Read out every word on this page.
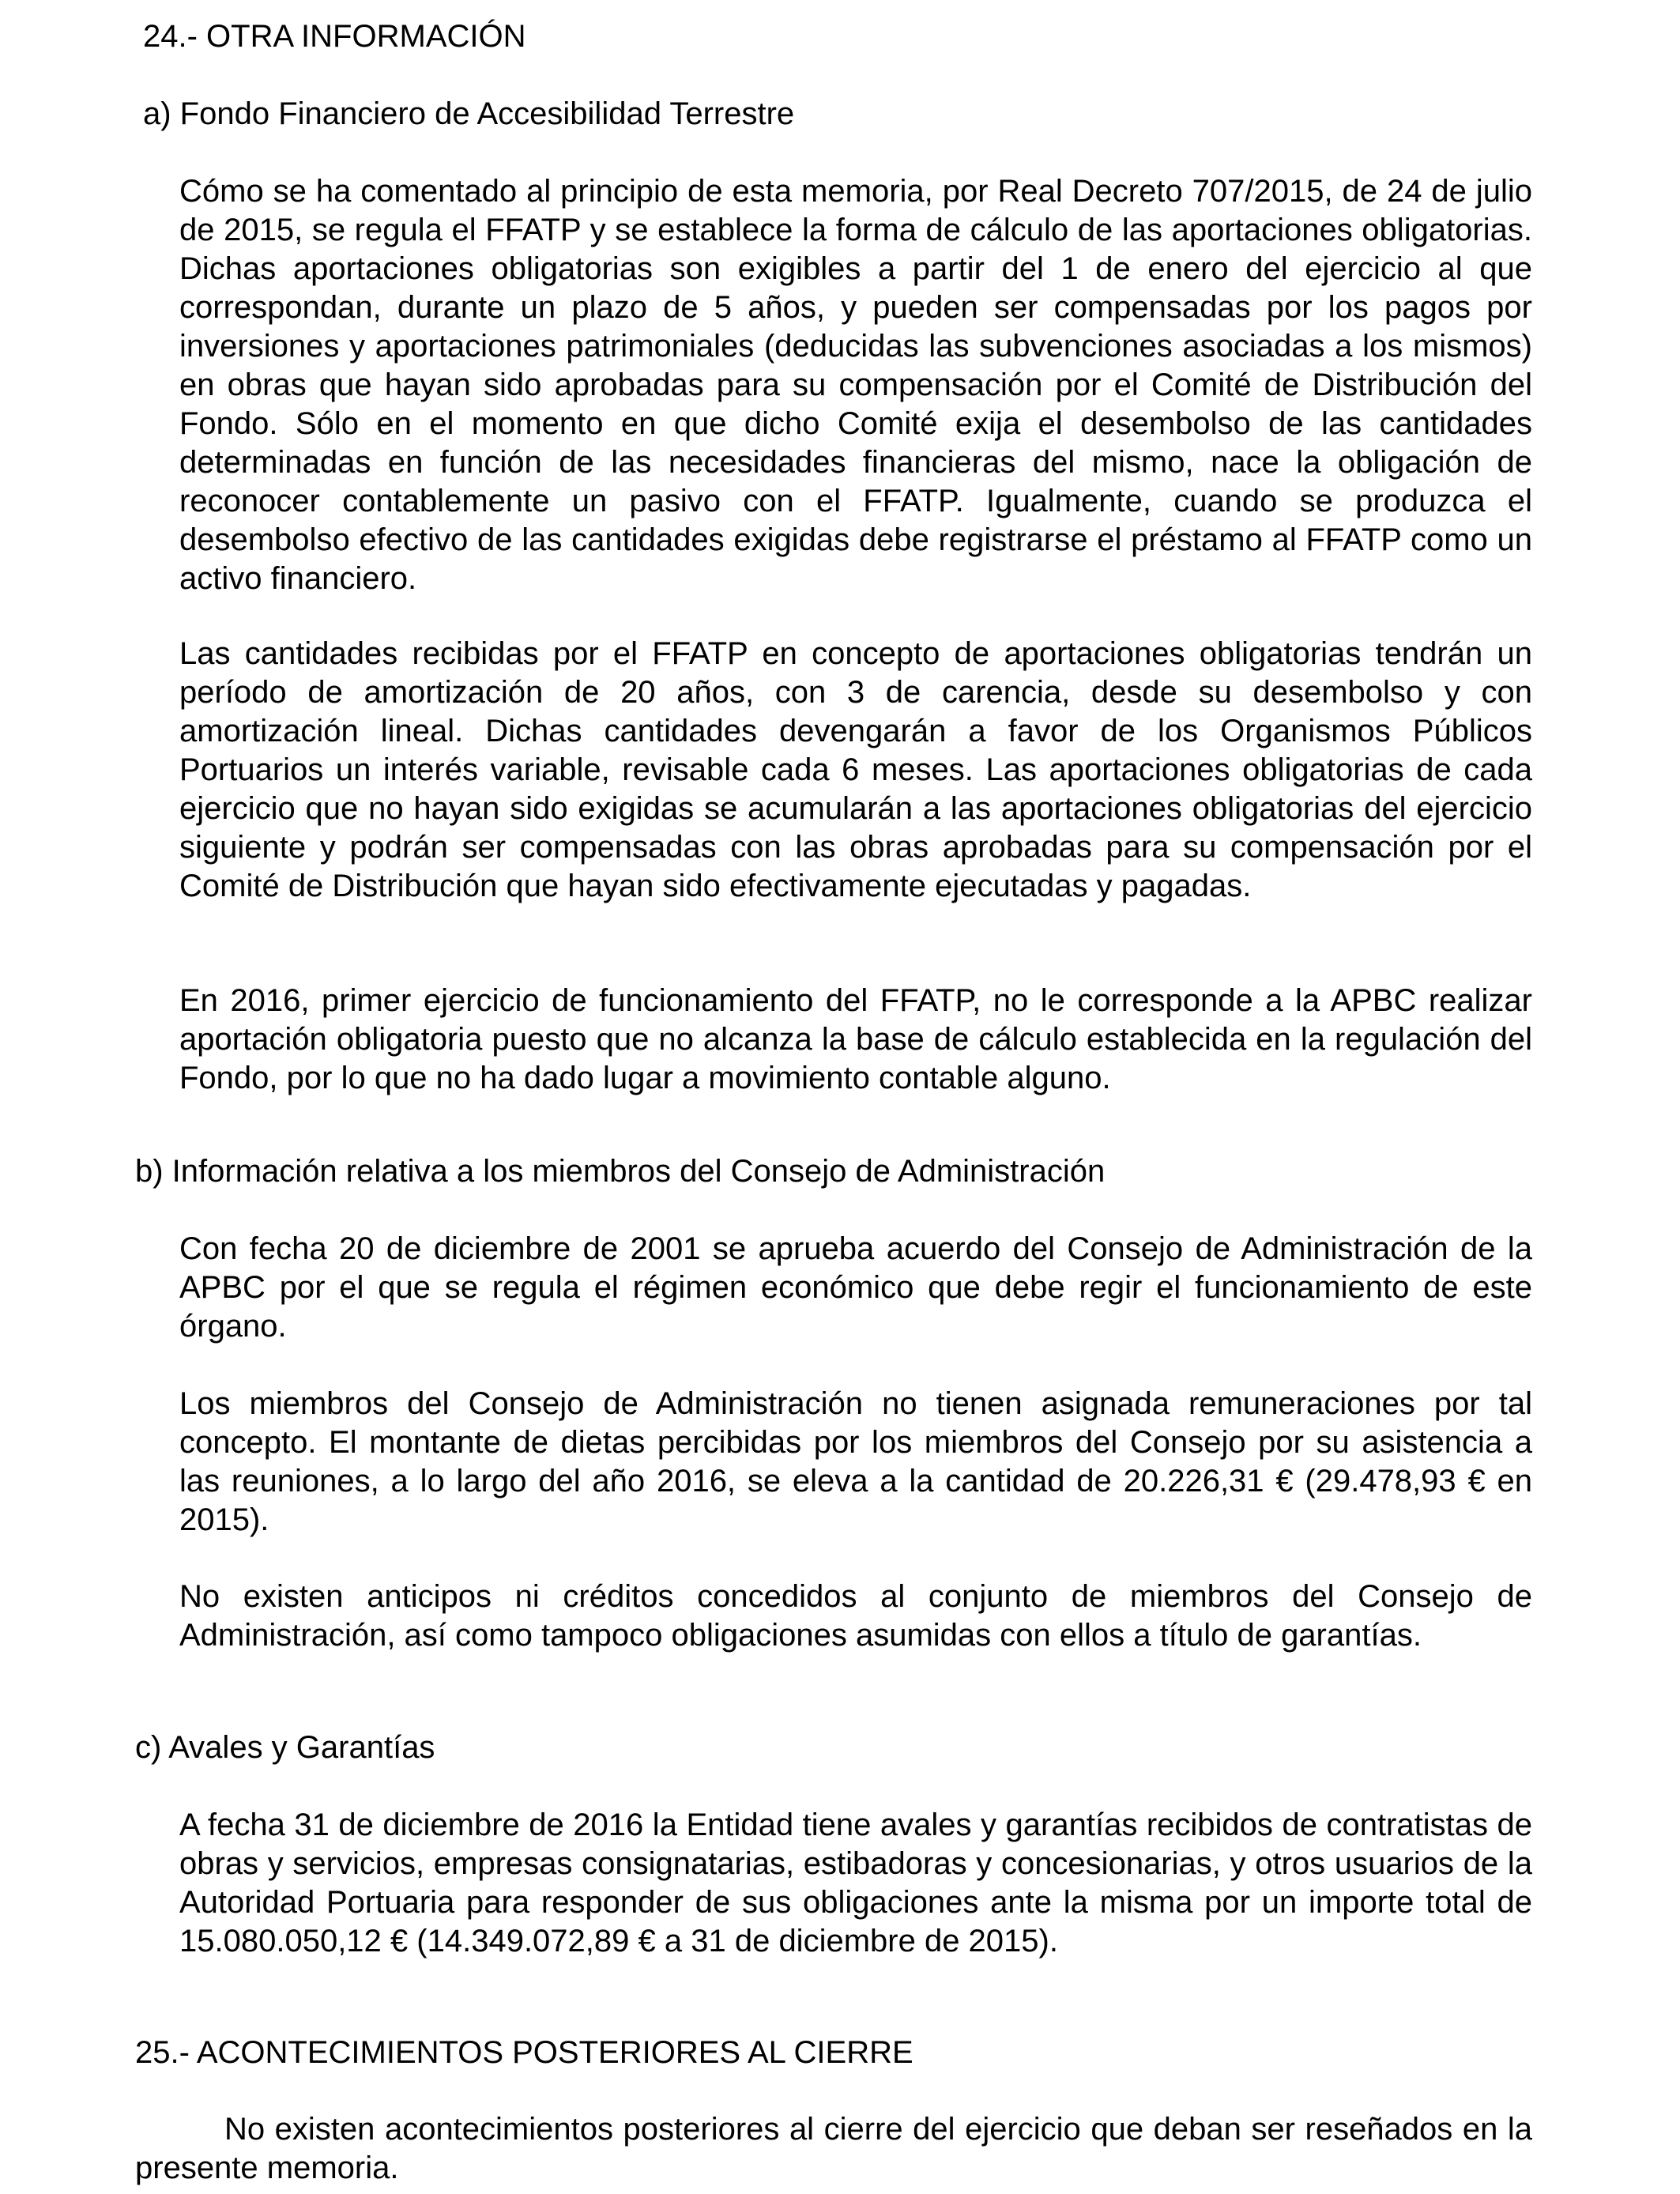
24.- OTRA INFORMACIÓN
a) Fondo Financiero de Accesibilidad Terrestre

Cómo se ha comentado al principio de esta memoria, por Real Decreto 707/2015, de 24 de julio de 2015, se regula el FFATP y se establece la forma de cálculo de las aportaciones obligatorias. Dichas aportaciones obligatorias son exigibles a partir del 1 de enero del ejercicio al que correspondan, durante un plazo de 5 años, y pueden ser compensadas por los pagos por inversiones y aportaciones patrimoniales (deducidas las subvenciones asociadas a los mismos) en obras que hayan sido aprobadas para su compensación por el Comité de Distribución del Fondo. Sólo en el momento en que dicho Comité exija el desembolso de las cantidades determinadas en función de las necesidades financieras del mismo, nace la obligación de reconocer contablemente un pasivo con el FFATP. Igualmente, cuando se produzca el desembolso efectivo de las cantidades exigidas debe registrarse el préstamo al FFATP como un activo financiero.

Las cantidades recibidas por el FFATP en concepto de aportaciones obligatorias tendrán un período de amortización de 20 años, con 3 de carencia, desde su desembolso y con amortización lineal. Dichas cantidades devengarán a favor de los Organismos Públicos Portuarios un interés variable, revisable cada 6 meses. Las aportaciones obligatorias de cada ejercicio que no hayan sido exigidas se acumularán a las aportaciones obligatorias del ejercicio siguiente y podrán ser compensadas con las obras aprobadas para su compensación por el Comité de Distribución que hayan sido efectivamente ejecutadas y pagadas.

En 2016, primer ejercicio de funcionamiento del FFATP, no le corresponde a la APBC realizar aportación obligatoria puesto que no alcanza la base de cálculo establecida en la regulación del Fondo, por lo que no ha dado lugar a movimiento contable alguno.

b) Información relativa a los miembros del Consejo de Administración

Con fecha 20 de diciembre de 2001 se aprueba acuerdo del Consejo de Administración de la APBC por el que se regula el régimen económico que debe regir el funcionamiento de este órgano.

Los miembros del Consejo de Administración no tienen asignada remuneraciones por tal concepto. El montante de dietas percibidas por los miembros del Consejo por su asistencia a las reuniones, a lo largo del año 2016, se eleva a la cantidad de 20.226,31 € (29.478,93 € en 2015).

No existen anticipos ni créditos concedidos al conjunto de miembros del Consejo de Administración, así como tampoco obligaciones asumidas con ellos a título de garantías.

c) Avales y Garantías

A fecha 31 de diciembre de 2016 la Entidad tiene avales y garantías recibidos de contratistas de obras y servicios, empresas consignatarias, estibadoras y concesionarias, y otros usuarios de la Autoridad Portuaria para responder de sus obligaciones ante la misma por un importe total de 15.080.050,12 € (14.349.072,89 € a 31 de diciembre de 2015).

25.- ACONTECIMIENTOS POSTERIORES AL CIERRE

No existen acontecimientos posteriores al cierre del ejercicio que deban ser reseñados en la presente memoria.
